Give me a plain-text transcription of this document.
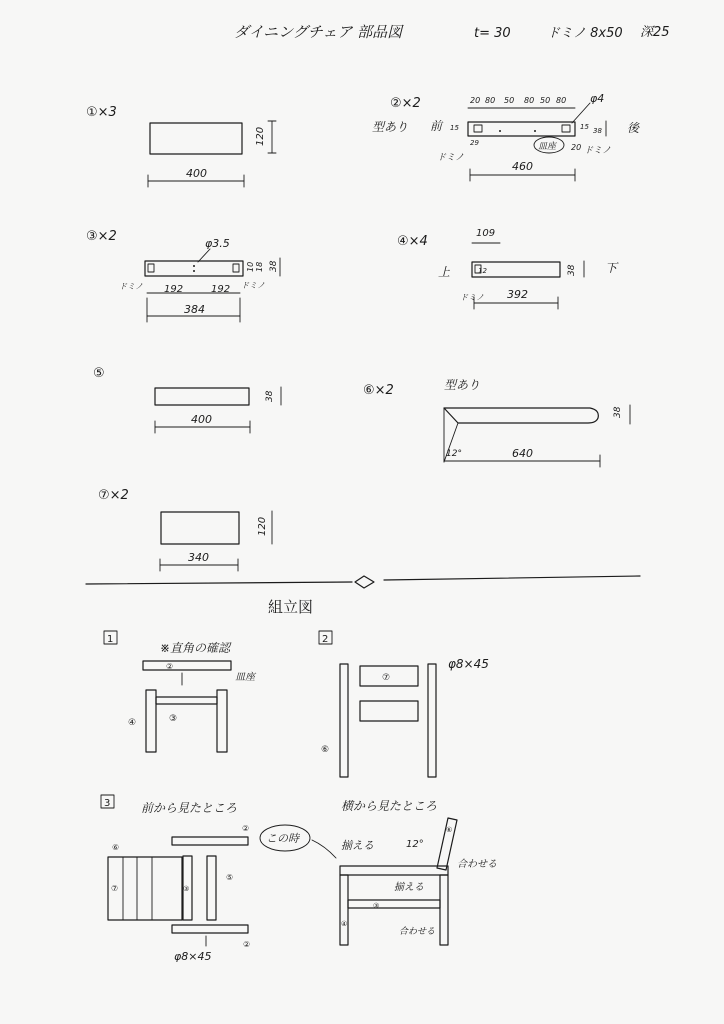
ダイニングチェア 部品図	t= 30	ドミノ 8x50 深25
①×3
120
400
②×2
型あり 前	後
20 80 50 80 50 80 φ4
15
29
15 38
20
ドミノ
ドミノ
皿座
460
③×2	φ3.5
10 18 38
ドミノ	ドミノ
192	192
384
④×4
109
上	下
12	38
ドミノ 392
⑤
38
400
⑥×2	型あり
12°
38
640
⑦×2
120
340
組立図
1
※直角の確認
②
皿座
④	③
2
φ8×45
⑦
⑥
3	前から見たところ
②
⑥
⑦	③
⑤
②
φ8×45
この時
横から見たところ
揃える	12°
⑥
合わせる
揃える
③
④
合わせる
